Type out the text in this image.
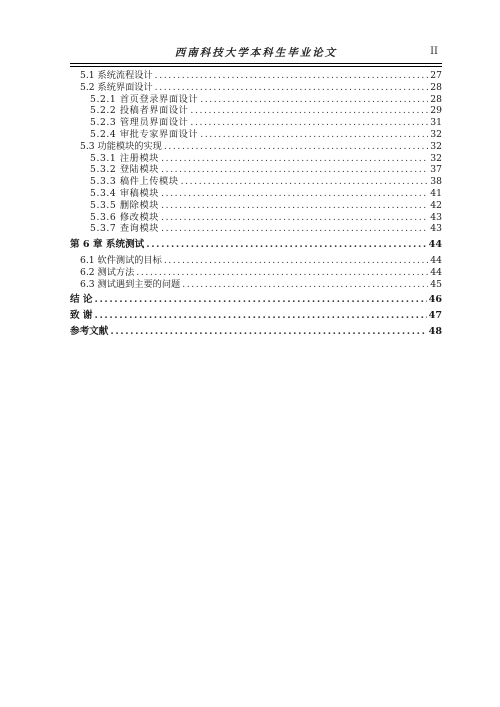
西南科技大学本科生毕业论文	II
5.1 系统流程设计 .....	27
5.2 系统界面设计 .....	28
5.2.1 首页登录界面设计 .....	28
5.2.2 投稿者界面设计 .....	29
5.2.3 管理员界面设计 .....	31
5.2.4 审批专家界面设计 .....	32
5.3 功能模块的实现 .....	32
5.3.1 注册模块 .....	32
5.3.2 登陆模块 .....	37
5.3.3 稿件上传模块 .....	38
5.3.4 审稿模块 .....	41
5.3.5 删除模块 .....	42
5.3.6 修改模块 .....	43
5.3.7 查询模块 .....	43
第 6 章 系统测试 .....	44
6.1 软件测试的目标 .....	44
6.2 测试方法 .....	44
6.3 测试遇到主要的问题 .....	45
结 论 .....	46
致 谢 .....	47
参考文献 .....	48
